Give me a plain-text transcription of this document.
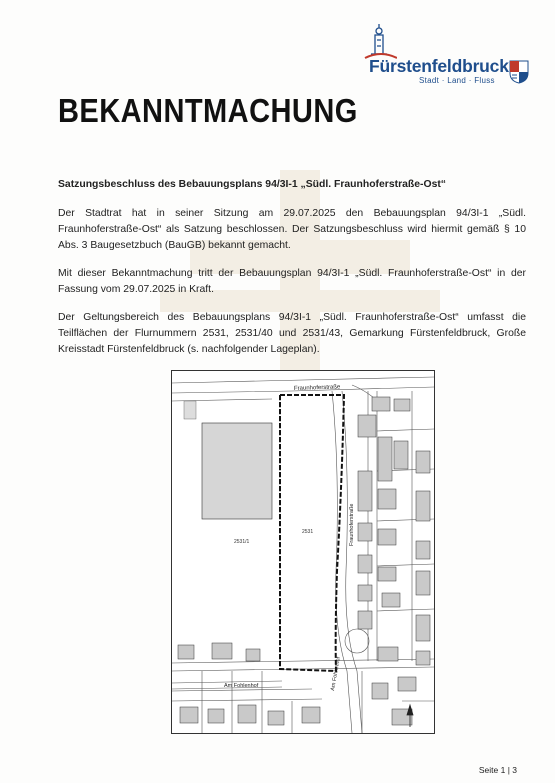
Fürstenfeldbruck
Stadt · Land · Fluss
BEKANNTMACHUNG
Satzungsbeschluss des Bebauungsplans 94/3I-1 „Südl. Fraunhoferstraße-Ost“
Der Stadtrat hat in seiner Sitzung am 29.07.2025 den Bebauungsplan 94/3I-1 „Südl. Fraunhoferstraße-Ost“ als Satzung beschlossen. Der Satzungsbeschluss wird hiermit gemäß § 10 Abs. 3 Baugesetzbuch (BauGB) bekannt gemacht.
Mit dieser Bekanntmachung tritt der Bebauungsplan 94/3I-1 „Südl. Fraunhoferstraße-Ost“ in der Fassung vom 29.07.2025 in Kraft.
Der Geltungsbereich des Bebauungsplans 94/3I-1 „Südl. Fraunhoferstraße-Ost“ umfasst die Teilflächen der Flurnummern 2531, 2531/40 und 2531/43, Gemarkung Fürstenfeldbruck, Große Kreisstadt Fürstenfeldbruck (s. nachfolgender Lageplan).
Fraunhoferstraße
Fraunhoferstraße
Am Fohlenhof	Am Fohlenhof
2531
2531/1
Seite 1 | 3
